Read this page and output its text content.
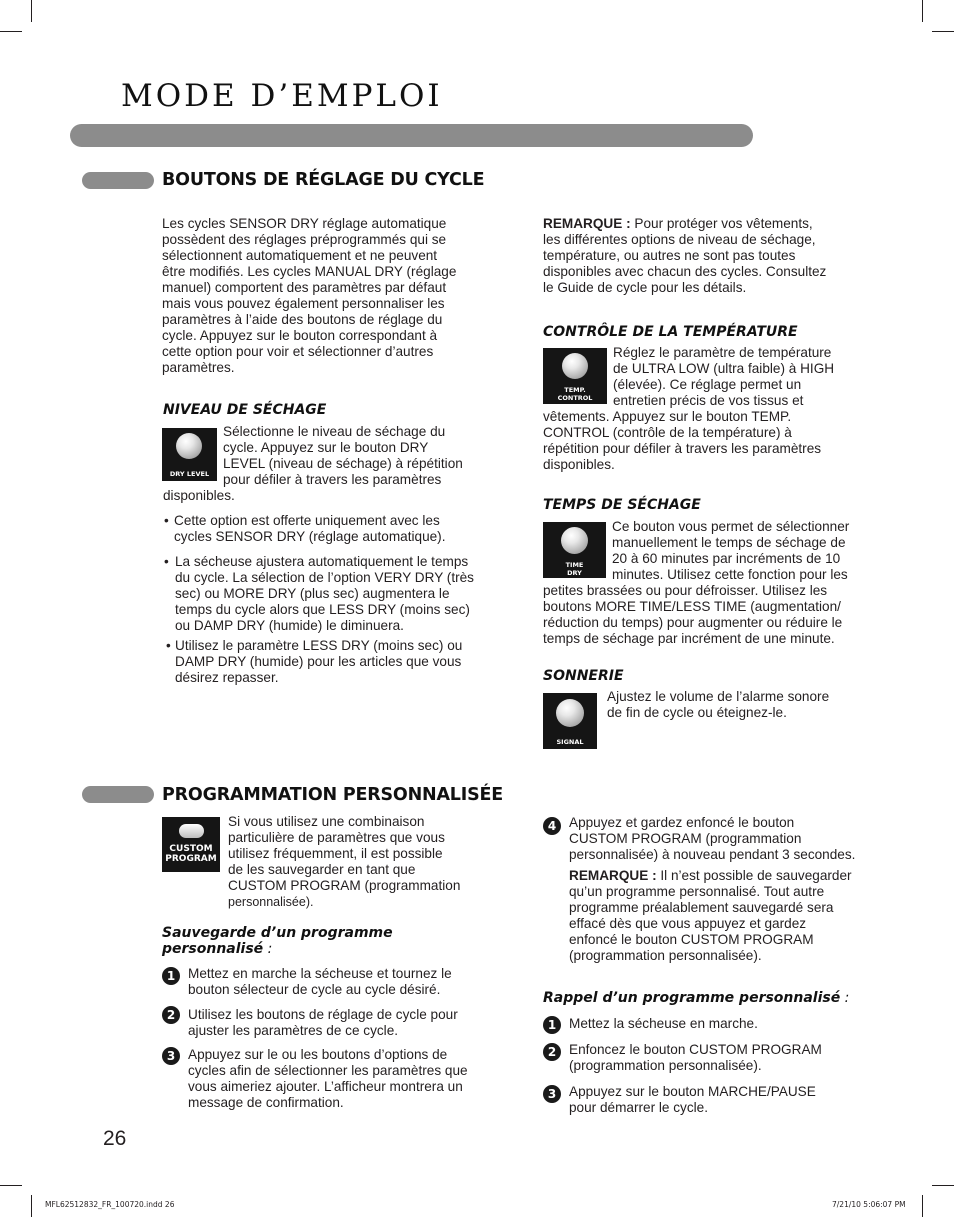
MODE D’EMPLOI
BOUTONS DE RÉGLAGE DU CYCLE

Les cycles SENSOR DRY réglage automatique

possèdent des réglages préprogrammés qui se

sélectionnent automatiquement et ne peuvent

être modifiés. Les cycles MANUAL DRY (réglage

manuel) comportent des paramètres par défaut

mais vous pouvez également personnaliser les

paramètres à l’aide des boutons de réglage du

cycle. Appuyez sur le bouton correspondant à

cette option pour voir et sélectionner d’autres

paramètres.

NIVEAU DE SÉCHAGE
DRY LEVEL

Sélectionne le niveau de séchage du

cycle. Appuyez sur le bouton DRY

LEVEL (niveau de séchage) à répétition

pour défiler à travers les paramètres

disponibles.

• Cette option est offerte uniquement avec les

cycles SENSOR DRY (réglage automatique).

• La sécheuse ajustera automatiquement le temps

du cycle. La sélection de l’option VERY DRY (très

sec) ou MORE DRY (plus sec) augmentera le

temps du cycle alors que LESS DRY (moins sec)

ou DAMP DRY (humide) le diminuera.

• Utilisez le paramètre LESS DRY (moins sec) ou

DAMP DRY (humide) pour les articles que vous

désirez repasser.

REMARQUE : Pour protéger vos vêtements,

les différentes options de niveau de séchage,

température, ou autres ne sont pas toutes

disponibles avec chacun des cycles. Consultez

le Guide de cycle pour les détails.

CONTRÔLE DE LA TEMPÉRATURE
TEMP.
CONTROL

Réglez le paramètre de température

de ULTRA LOW (ultra faible) à HIGH

(élevée). Ce réglage permet un

entretien précis de vos tissus et

vêtements. Appuyez sur le bouton TEMP.

CONTROL (contrôle de la température) à

répétition pour défiler à travers les paramètres

disponibles.

TEMPS DE SÉCHAGE
TIME
DRY

Ce bouton vous permet de sélectionner

manuellement le temps de séchage de

20 à 60 minutes par incréments de 10

minutes. Utilisez cette fonction pour les

petites brassées ou pour défroisser. Utilisez les

boutons MORE TIME/LESS TIME (augmentation/

réduction du temps) pour augmenter ou réduire le

temps de séchage par incrément de une minute.

SONNERIE
SIGNAL

Ajustez le volume de l’alarme sonore

de fin de cycle ou éteignez-le.

PROGRAMMATION PERSONNALISÉE
CUSTOM
PROGRAM

Si vous utilisez une combinaison

particulière de paramètres que vous

utilisez fréquemment, il est possible

de les sauvegarder en tant que

CUSTOM PROGRAM (programmation

personnalisée).

Sauvegarde d’un programme
personnalisé :
1 Mettez en marche la sécheuse et tournez le

bouton sélecteur de cycle au cycle désiré.

2 Utilisez les boutons de réglage de cycle pour

ajuster les paramètres de ce cycle.

3 Appuyez sur le ou les boutons d’options de

cycles afin de sélectionner les paramètres que

vous aimeriez ajouter. L’afficheur montrera un

message de confirmation.

4 Appuyez et gardez enfoncé le bouton

CUSTOM PROGRAM (programmation

personnalisée) à nouveau pendant 3 secondes.

REMARQUE : Il n’est possible de sauvegarder

qu’un programme personnalisé. Tout autre

programme préalablement sauvegardé sera

effacé dès que vous appuyez et gardez

enfoncé le bouton CUSTOM PROGRAM

(programmation personnalisée).

Rappel d’un programme personnalisé :
1 Mettez la sécheuse en marche.

2 Enfoncez le bouton CUSTOM PROGRAM

(programmation personnalisée).

3 Appuyez sur le bouton MARCHE/PAUSE

pour démarrer le cycle.

26
MFL62512832_FR_100720.indd 26	7/21/10 5:06:07 PM
